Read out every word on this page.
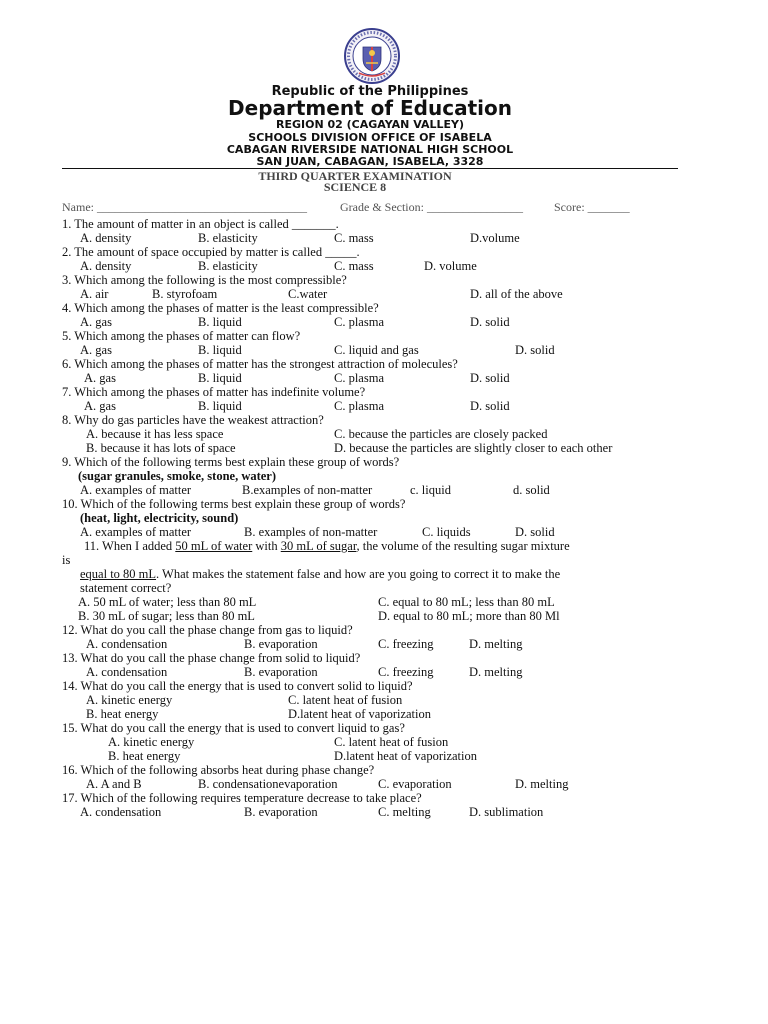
Republic of the Philippines
Department of Education
REGION 02 (CAGAYAN VALLEY)
SCHOOLS DIVISION OFFICE OF ISABELA
CABAGAN RIVERSIDE NATIONAL HIGH SCHOOL
SAN JUAN, CABAGAN, ISABELA, 3328
THIRD QUARTER EXAMINATION
SCIENCE 8
Name: ___________________________________	Grade & Section: ________________	Score: _______
1. The amount of matter in an object is called _______.
A. density	B. elasticity	C. mass	D.volume
2. The amount of space occupied by matter is called _____.
A. density	B. elasticity	C. mass	D. volume
3. Which among the following is the most compressible?
A. air	B. styrofoam	C.water	D. all of the above
4. Which among the phases of matter is the least compressible?
A. gas	B. liquid	C. plasma	D. solid
5. Which among the phases of matter can flow?
A. gas	B. liquid	C. liquid and gas	D. solid
6. Which among the phases of matter has the strongest attraction of molecules?
A. gas	B. liquid	C. plasma	D. solid
7. Which among the phases of matter has indefinite volume?
A. gas	B. liquid	C. plasma	D. solid
8. Why do gas particles have the weakest attraction?
A. because it has less space	C. because the particles are closely packed
B. because it has lots of space	D. because the particles are slightly closer to each other
9. Which of the following terms best explain these group of words?
(sugar granules, smoke, stone, water)
A. examples of matter	B.examples of non-matter	c. liquid	d. solid
10. Which of the following terms best explain these group of words?
(heat, light, electricity, sound)
A. examples of matter	B. examples of non-matter	C. liquids	D. solid
11. When I added 50 mL of water with 30 mL of sugar, the volume of the resulting sugar mixture
is
equal to 80 mL. What makes the statement false and how are you going to correct it to make the
statement correct?
A. 50 mL of water; less than 80 mL	C. equal to 80 mL; less than 80 mL
B. 30 mL of sugar; less than 80 mL	D. equal to 80 mL; more than 80 Ml
12. What do you call the phase change from gas to liquid?
A. condensation	B. evaporation	C. freezing	D. melting
13. What do you call the phase change from solid to liquid?
A. condensation	B. evaporation	C. freezing	D. melting
14. What do you call the energy that is used to convert solid to liquid?
A. kinetic energy	C. latent heat of fusion
B. heat energy	D.latent heat of vaporization
15. What do you call the energy that is used to convert liquid to gas?
A. kinetic energy	C. latent heat of fusion
B. heat energy	D.latent heat of vaporization
16. Which of the following absorbs heat during phase change?
A. A and B	B. condensationevaporation	C. evaporation	D. melting
17. Which of the following requires temperature decrease to take place?
A. condensation	B. evaporation	C. melting	D. sublimation
